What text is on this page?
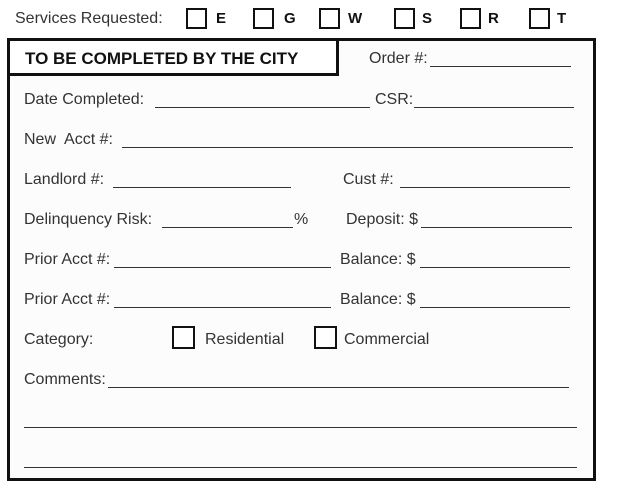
Services Requested:	E	G	W	S	R	T
TO BE COMPLETED BY THE CITY	Order #:
Date Completed:	CSR:
New  Acct #:
Landlord #:	Cust #:
Delinquency Risk:	% Deposit: $
Prior Acct #:	Balance: $
Prior Acct #:	Balance: $
Category:	Residential	Commercial
Comments:
